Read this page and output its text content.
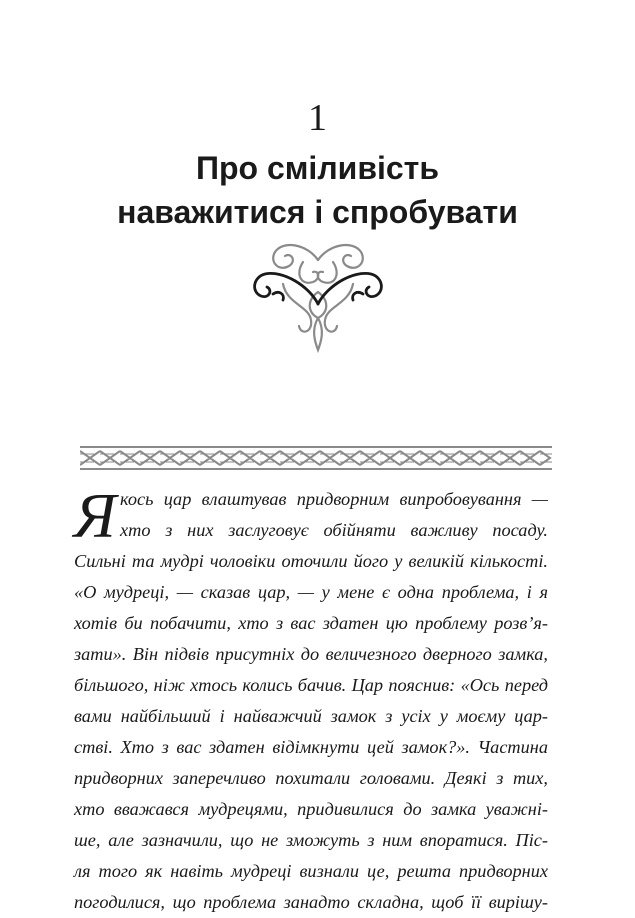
1
Про сміливість
наважитися і спробувати
Я кось цар влаштував придворним випробовування —
хто з них заслуговує обійняти важливу посаду.
Сильні та мудрі чоловіки оточили його у великій кількості.
«О мудреці, — сказав цар, — у мене є одна проблема, і я
хотів би побачити, хто з вас здатен цю проблему розв’я-
зати». Він підвів присутніх до величезного дверного замка,
більшого, ніж хтось колись бачив. Цар пояснив: «Ось перед
вами найбільший і найважчий замок з усіх у моєму цар-
стві. Хто з вас здатен відімкнути цей замок?». Частина
придворних заперечливо похитали головами. Деякі з тих,
хто вважався мудрецями, придивилися до замка уважні-
ше, але зазначили, що не зможуть з ним впоратися. Піс-
ля того як навіть мудреці визнали це, решта придворних
погодилися, що проблема занадто складна, щоб її вирішу-
